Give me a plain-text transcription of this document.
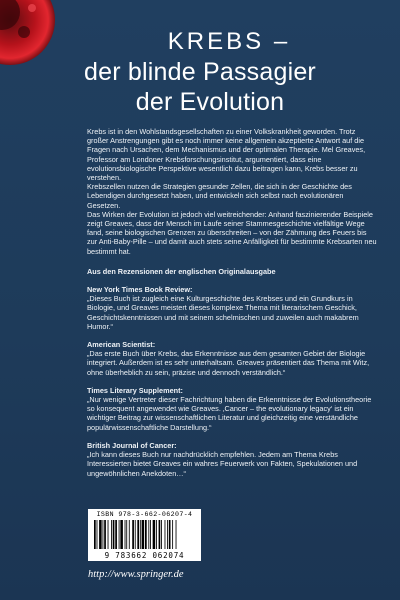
KREBS –
der blinde Passagier
der Evolution

Krebs ist in den Wohlstandsgesellschaften zu einer Volkskrankheit geworden. Trotz großer Anstrengungen gibt es noch immer keine allgemein akzeptierte Antwort auf die Fragen nach Ursachen, dem Mechanismus und der optimalen Therapie. Mel Greaves, Professor am Londoner Krebsforschungsinstitut, argumentiert, dass eine evolutionsbiologische Perspektive wesentlich dazu beitragen kann, Krebs besser zu verstehen.

Krebszellen nutzen die Strategien gesunder Zellen, die sich in der Geschichte des Lebendigen durchgesetzt haben, und entwickeln sich selbst nach evolutionären Gesetzen.

Das Wirken der Evolution ist jedoch viel weitreichender: Anhand faszinierender Beispiele zeigt Greaves, dass der Mensch im Laufe seiner Stammesgeschichte vielfältige Wege fand, seine biologischen Grenzen zu überschreiten – von der Zähmung des Feuers bis zur Anti-Baby-Pille – und damit auch stets seine Anfälligkeit für bestimmte Krebsarten neu bestimmt hat.

Aus den Rezensionen der englischen Originalausgabe

New York Times Book Review:
„Dieses Buch ist zugleich eine Kulturgeschichte des Krebses und ein Grundkurs in Biologie, und Greaves meistert dieses komplexe Thema mit literarischem Geschick, Geschichtskenntnissen und mit seinem schelmischen und zuweilen auch makabrem Humor.“
American Scientist:
„Das erste Buch über Krebs, das Erkenntnisse aus dem gesamten Gebiet der Biologie integriert. Außerdem ist es sehr unterhaltsam. Greaves präsentiert das Thema mit Witz, ohne überheblich zu sein, präzise und dennoch verständlich.“
Times Literary Supplement:
„Nur wenige Vertreter dieser Fachrichtung haben die Erkenntnisse der Evolutionstheorie so konsequent angewendet wie Greaves. ‚Cancer – the evolutionary legacy‘ ist ein wichtiger Beitrag zur wissenschaftlichen Literatur und gleichzeitig eine verständliche populärwissenschaftliche Darstellung.“
British Journal of Cancer:
„Ich kann dieses Buch nur nachdrücklich empfehlen. Jedem am Thema Krebs Interessierten bietet Greaves ein wahres Feuerwerk von Fakten, Spekulationen und ungewöhnlichen Anekdoten…“
ISBN 978-3-662-06207-4
9 783662 062074
http://www.springer.de
